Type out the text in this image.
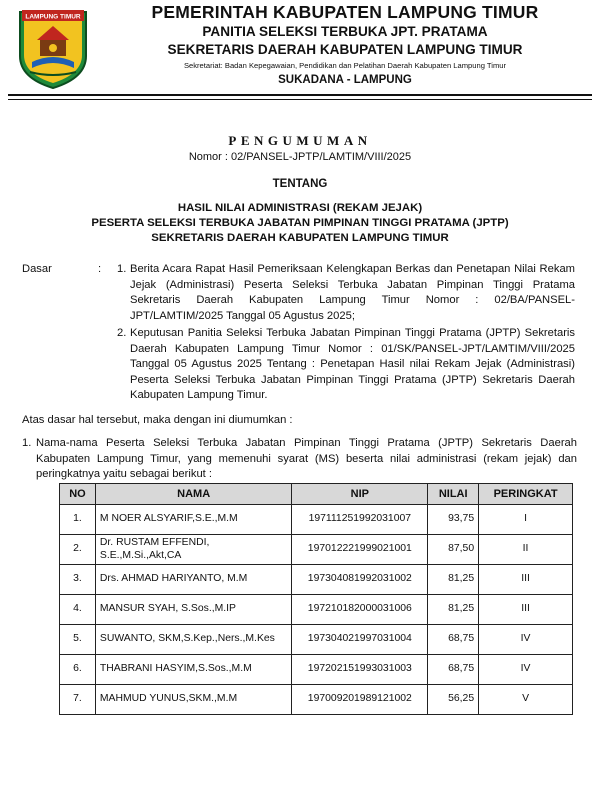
LAMPUNG TIMUR	PEMERINTAH KABUPATEN LAMPUNG TIMUR
PANITIA SELEKSI TERBUKA JPT. PRATAMA
SEKRETARIS DAERAH KABUPATEN LAMPUNG TIMUR
Sekretariat: Badan Kepegawaian, Pendidikan dan Pelatihan Daerah Kabupaten Lampung Timur
SUKADANA - LAMPUNG
PENGUMUMAN
Nomor : 02/PANSEL-JPTP/LAMTIM/VIII/2025
TENTANG
HASIL NILAI ADMINISTRASI (REKAM JEJAK)
PESERTA SELEKSI TERBUKA JABATAN PIMPINAN TINGGI PRATAMA (JPTP)
SEKRETARIS DAERAH KABUPATEN LAMPUNG TIMUR
Dasar	: 1. Berita Acara Rapat Hasil Pemeriksaan Kelengkapan Berkas dan Penetapan Nilai Rekam Jejak (Administrasi) Peserta Seleksi Terbuka Jabatan Pimpinan Tinggi Pratama Sekretaris Daerah Kabupaten Lampung Timur Nomor : 02/BA/PANSEL-JPT/LAMTIM/2025 Tanggal 05 Agustus 2025;
2. Keputusan Panitia Seleksi Terbuka Jabatan Pimpinan Tinggi Pratama (JPTP) Sekretaris Daerah Kabupaten Lampung Timur Nomor : 01/SK/PANSEL-JPT/LAMTIM/VIII/2025 Tanggal 05 Agustus 2025 Tentang : Penetapan Hasil nilai Rekam Jejak (Administrasi) Peserta Seleksi Terbuka Jabatan Pimpinan Tinggi Pratama (JPTP) Sekretaris Daerah Kabupaten Lampung Timur.
Atas dasar hal tersebut, maka dengan ini diumumkan :
1. Nama-nama Peserta Seleksi Terbuka Jabatan Pimpinan Tinggi Pratama (JPTP) Sekretaris Daerah Kabupaten Lampung Timur, yang memenuhi syarat (MS) beserta nilai administrasi (rekam jejak) dan peringkatnya yaitu sebagai berikut :
NO	NAMA	NIP	NILAI	PERINGKAT
1.	M NOER ALSYARIF,S.E.,M.M	197111251992031007	93,75	I
2.	Dr. RUSTAM EFFENDI, S.E.,M.Si.,Akt,CA	197012221999021001	87,50	II
3.	Drs. AHMAD HARIYANTO, M.M	197304081992031002	81,25	III
4.	MANSUR SYAH, S.Sos.,M.IP	197210182000031006	81,25	III
5.	SUWANTO, SKM,S.Kep.,Ners.,M.Kes	197304021997031004	68,75	IV
6.	THABRANI HASYIM,S.Sos.,M.M	197202151993031003	68,75	IV
7.	MAHMUD YUNUS,SKM.,M.M	197009201989121002	56,25	V
